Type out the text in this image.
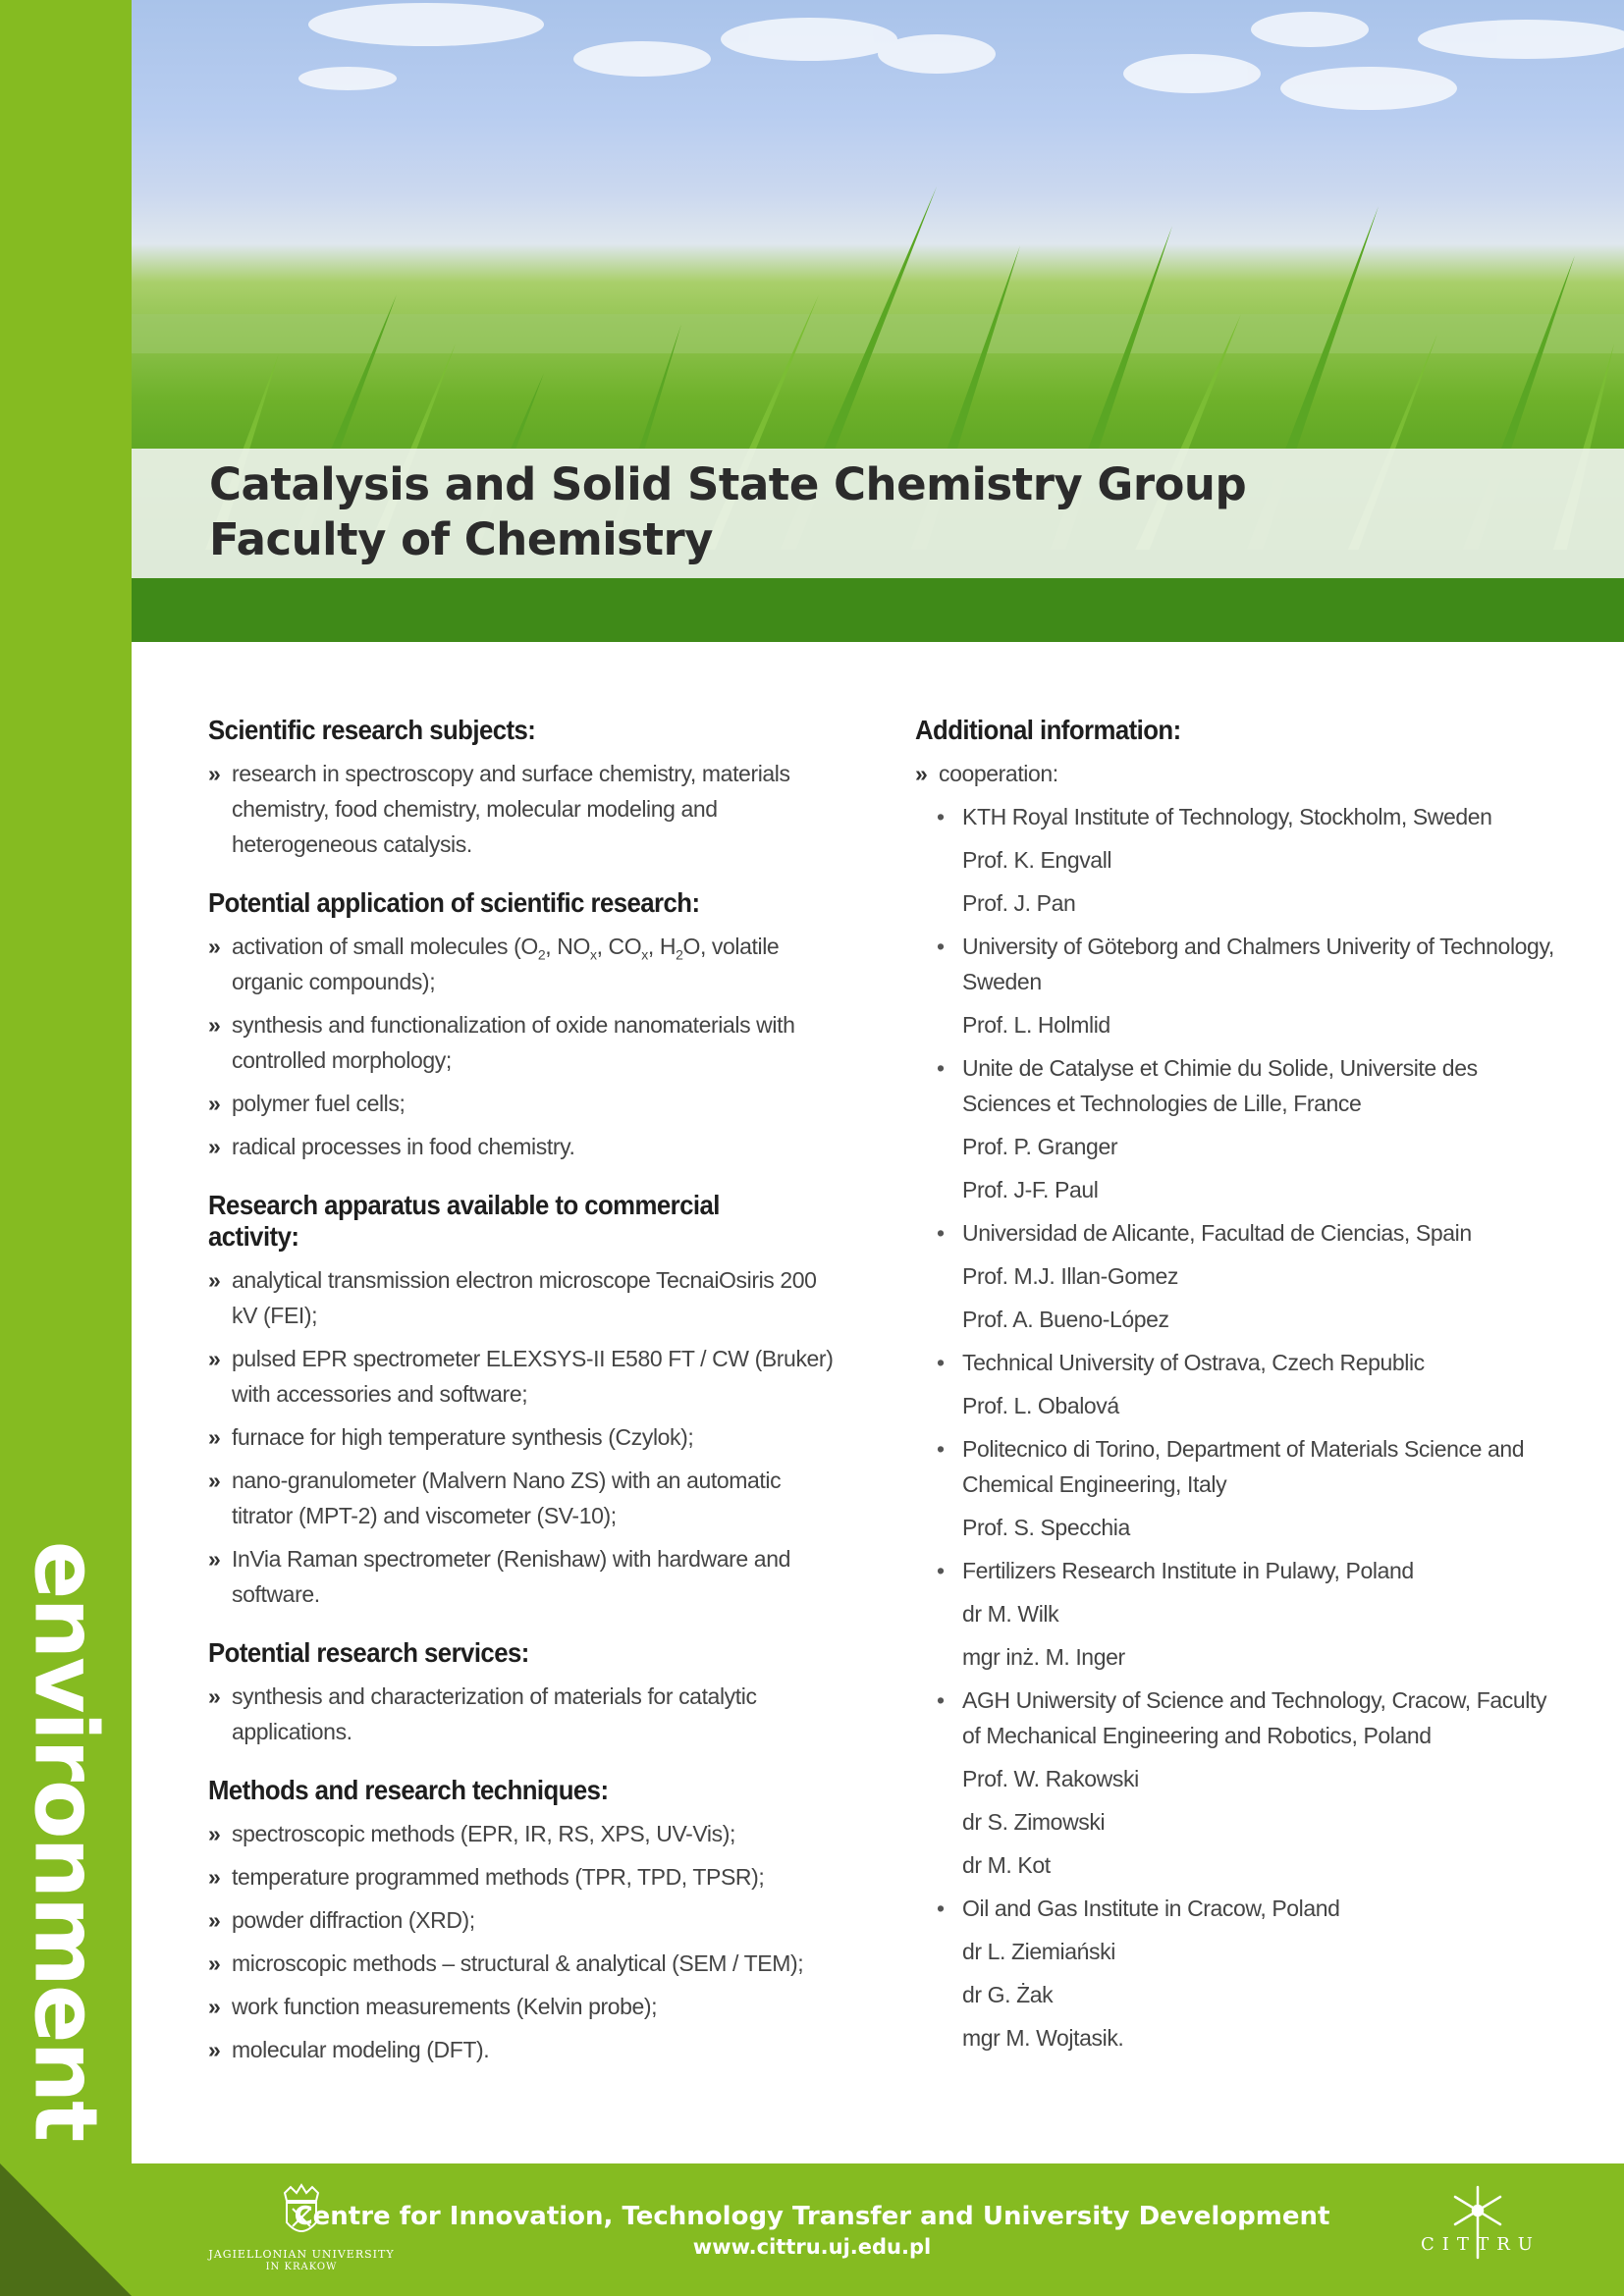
environment
Catalysis and Solid State Chemistry Group
Faculty of Chemistry
Scientific research subjects:
» research in spectroscopy and surface chemistry, materials chemistry, food chemistry, molecular modeling and heterogeneous catalysis.
Potential application of scientific research:
» activation of small molecules ($O_2$, $NO_x$, $CO_x$, $H_2O$, volatile organic compounds);
» synthesis and functionalization of oxide nanomaterials with controlled morphology;
» polymer fuel cells;
» radical processes in food chemistry.
Research apparatus available to commercial activity:
» analytical transmission electron microscope TecnaiOsiris 200 kV (FEI);
» pulsed EPR spectrometer ELEXSYS-II E580 FT / CW (Bruker) with accessories and software;
» furnace for high temperature synthesis (Czylok);
» nano-granulometer (Malvern Nano ZS) with an automatic titrator (MPT-2) and viscometer (SV-10);
» InVia Raman spectrometer (Renishaw) with hardware and software.
Potential research services:
» synthesis and characterization of materials for catalytic applications.
Methods and research techniques:
» spectroscopic methods (EPR, IR, RS, XPS, UV-Vis);
» temperature programmed methods (TPR, TPD, TPSR);
» powder diffraction (XRD);
» microscopic methods – structural & analytical (SEM / TEM);
» work function measurements (Kelvin probe);
» molecular modeling (DFT).
Additional information:
» cooperation:
• KTH Royal Institute of Technology, Stockholm, Sweden
Prof. K. Engvall
Prof. J. Pan
• University of Göteborg and Chalmers Univerity of Technology, Sweden
Prof. L. Holmlid
• Unite de Catalyse et Chimie du Solide, Universite des Sciences et Technologies de Lille, France
Prof. P. Granger
Prof. J-F. Paul
• Universidad de Alicante, Facultad de Ciencias, Spain
Prof. M.J. Illan-Gomez
Prof. A. Bueno-López
• Technical University of Ostrava, Czech Republic
Prof. L. Obalová
• Politecnico di Torino, Department of Materials Science and Chemical Engineering, Italy
Prof. S. Specchia
• Fertilizers Research Institute in Pulawy, Poland
dr M. Wilk
mgr inż. M. Inger
• AGH Uniwersity of Science and Technology, Cracow, Faculty of Mechanical Engineering and Robotics, Poland
Prof. W. Rakowski
dr S. Zimowski
dr M. Kot
• Oil and Gas Institute in Cracow, Poland
dr L. Ziemiański
dr G. Żak
mgr M. Wojtasik.
JAGIELLONIAN UNIVERSITY
IN KRAKOW
Centre for Innovation, Technology Transfer and University Development
www.cittru.uj.edu.pl	CITTRU
